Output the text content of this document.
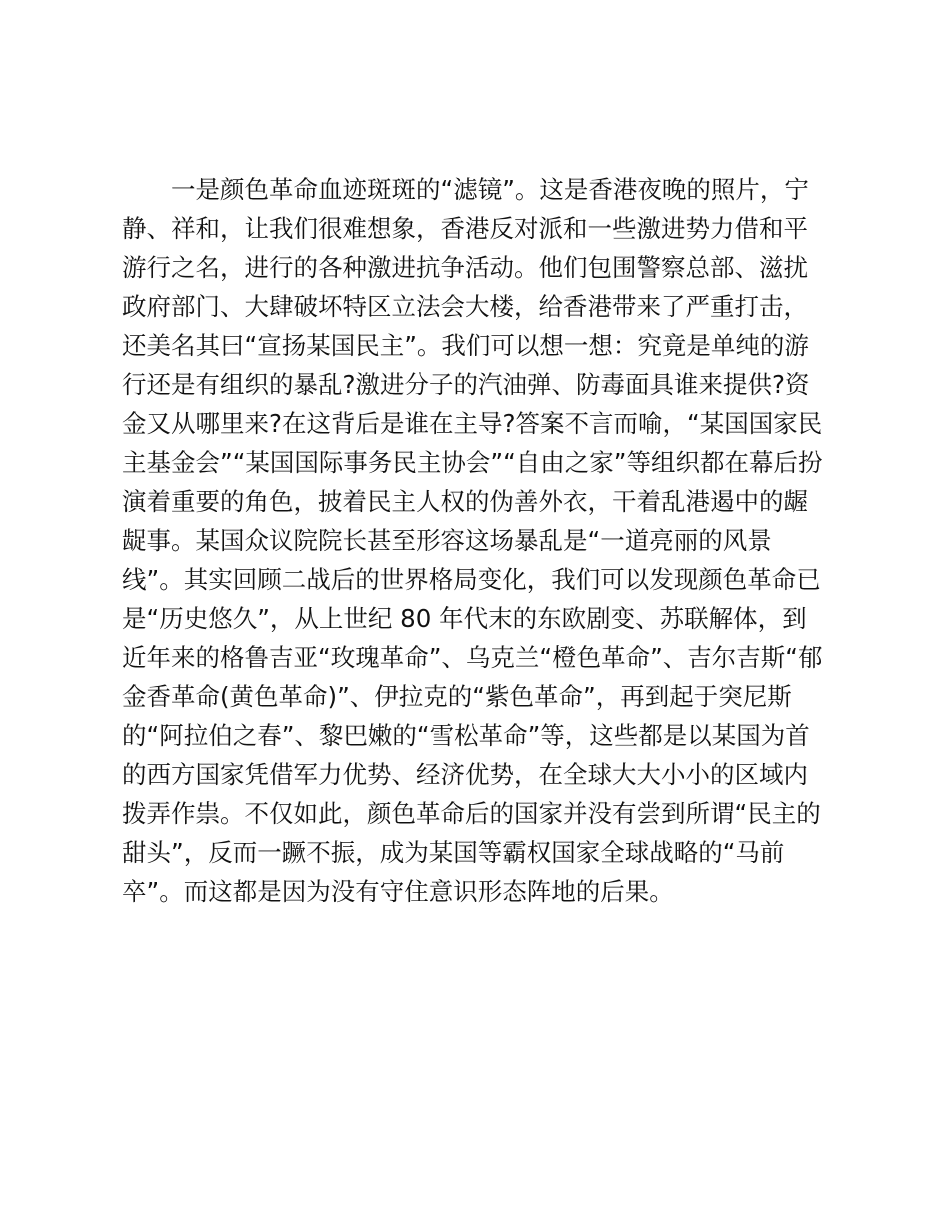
　　一是颜色革命血迹斑斑的“滤镜”。这是香港夜晚的照片，宁
静、祥和，让我们很难想象，香港反对派和一些激进势力借和平
游行之名，进行的各种激进抗争活动。他们包围警察总部、滋扰
政府部门、大肆破坏特区立法会大楼，给香港带来了严重打击，
还美名其曰“宣扬某国民主”。我们可以想一想：究竟是单纯的游
行还是有组织的暴乱?激进分子的汽油弹、防毒面具谁来提供?资
金又从哪里来?在这背后是谁在主导?答案不言而喻，“某国国家民
主基金会”“某国国际事务民主协会”“自由之家”等组织都在幕后扮
演着重要的角色，披着民主人权的伪善外衣，干着乱港遏中的龌
龊事。某国众议院院长甚至形容这场暴乱是“一道亮丽的风景
线”。其实回顾二战后的世界格局变化，我们可以发现颜色革命已
是“历史悠久”，从上世纪 80 年代末的东欧剧变、苏联解体，到
近年来的格鲁吉亚“玫瑰革命”、乌克兰“橙色革命”、吉尔吉斯“郁
金香革命(黄色革命)”、伊拉克的“紫色革命”，再到起于突尼斯
的“阿拉伯之春”、黎巴嫩的“雪松革命”等，这些都是以某国为首
的西方国家凭借军力优势、经济优势，在全球大大小小的区域内
拨弄作祟。不仅如此，颜色革命后的国家并没有尝到所谓“民主的
甜头”，反而一蹶不振，成为某国等霸权国家全球战略的“马前
卒”。而这都是因为没有守住意识形态阵地的后果。
